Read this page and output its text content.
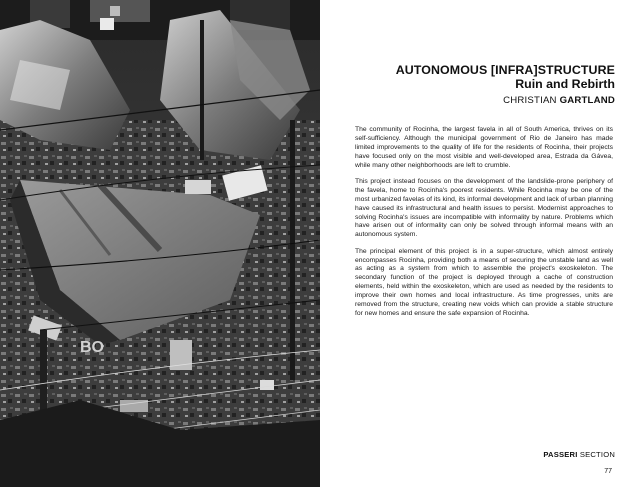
BO
AUTONOMOUS [INFRA]STRUCTURE
Ruin and Rebirth
CHRISTIAN GARTLAND

The community of Rocinha, the largest favela in all of South America, thrives on its self-sufficiency. Although the municipal government of Rio de Janeiro has made limited improvements to the quality of life for the residents of Rocinha, their projects have focused only on the most visible and well-developed area, Estrada da Gávea, while many other neighborhoods are left to crumble.

This project instead focuses on the development of the landslide-prone periphery of the favela, home to Rocinha's poorest residents. While Rocinha may be one of the most urbanized favelas of its kind, its informal development and lack of urban planning have caused its infrastructural and health issues to persist. Modernist approaches to solving Rocinha's issues are incompatible with informality by nature. Problems which have arisen out of informality can only be solved through informal means with an autonomous system.

The principal element of this project is in a super-structure, which almost entirely encompasses Rocinha, providing both a means of securing the unstable land as well as acting as a system from which to assemble the project's exoskeleton. The secondary function of the project is deployed through a cache of construction elements, held within the exoskeleton, which are used as needed by the residents to improve their own homes and local infrastructure. As time progresses, units are removed from the structure, creating new voids which can provide a stable structure for new homes and ensure the safe expansion of Rocinha.

PASSERI SECTION
77
